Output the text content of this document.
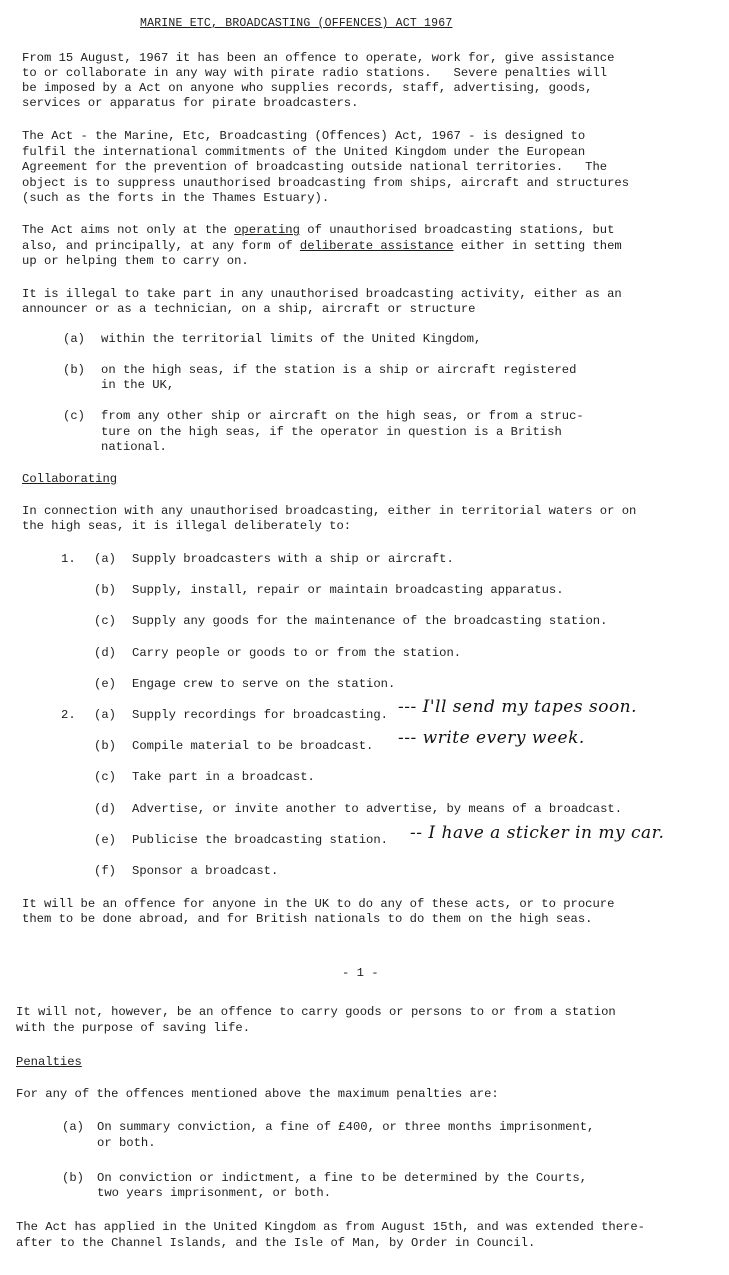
MARINE ETC, BROADCASTING (OFFENCES) ACT 1967
From 15 August, 1967 it has been an offence to operate, work for, give assistance
to or collaborate in any way with pirate radio stations.   Severe penalties will
be imposed by a Act on anyone who supplies records, staff, advertising, goods,
services or apparatus for pirate broadcasters.
The Act - the Marine, Etc, Broadcasting (Offences) Act, 1967 - is designed to
fulfil the international commitments of the United Kingdom under the European
Agreement for the prevention of broadcasting outside national territories.   The
object is to suppress unauthorised broadcasting from ships, aircraft and structures
(such as the forts in the Thames Estuary).
The Act aims not only at the operating of unauthorised broadcasting stations, but
also, and principally, at any form of deliberate assistance either in setting them
up or helping them to carry on.
It is illegal to take part in any unauthorised broadcasting activity, either as an
announcer or as a technician, on a ship, aircraft or structure
(a) within the territorial limits of the United Kingdom,
(b) on the high seas, if the station is a ship or aircraft registered
in the UK,
(c) from any other ship or aircraft on the high seas, or from a struc-
ture on the high seas, if the operator in question is a British
national.
Collaborating
In connection with any unauthorised broadcasting, either in territorial waters or on
the high seas, it is illegal deliberately to:
1. (a) Supply broadcasters with a ship or aircraft.
(b) Supply, install, repair or maintain broadcasting apparatus.
(c) Supply any goods for the maintenance of the broadcasting station.
(d) Carry people or goods to or from the station.
(e) Engage crew to serve on the station.
2. (a) Supply recordings for broadcasting. --- I'll send my tapes soon.
(b) Compile material to be broadcast. --- write every week.
(c) Take part in a broadcast.
(d) Advertise, or invite another to advertise, by means of a broadcast.
(e) Publicise the broadcasting station. -- I have a sticker in my car.
(f) Sponsor a broadcast.
It will be an offence for anyone in the UK to do any of these acts, or to procure
them to be done abroad, and for British nationals to do them on the high seas.
- 1 -
It will not, however, be an offence to carry goods or persons to or from a station
with the purpose of saving life.
Penalties
For any of the offences mentioned above the maximum penalties are:
(a) On summary conviction, a fine of £400, or three months imprisonment,
or both.
(b) On conviction or indictment, a fine to be determined by the Courts,
two years imprisonment, or both.
The Act has applied in the United Kingdom as from August 15th, and was extended there-
after to the Channel Islands, and the Isle of Man, by Order in Council.
